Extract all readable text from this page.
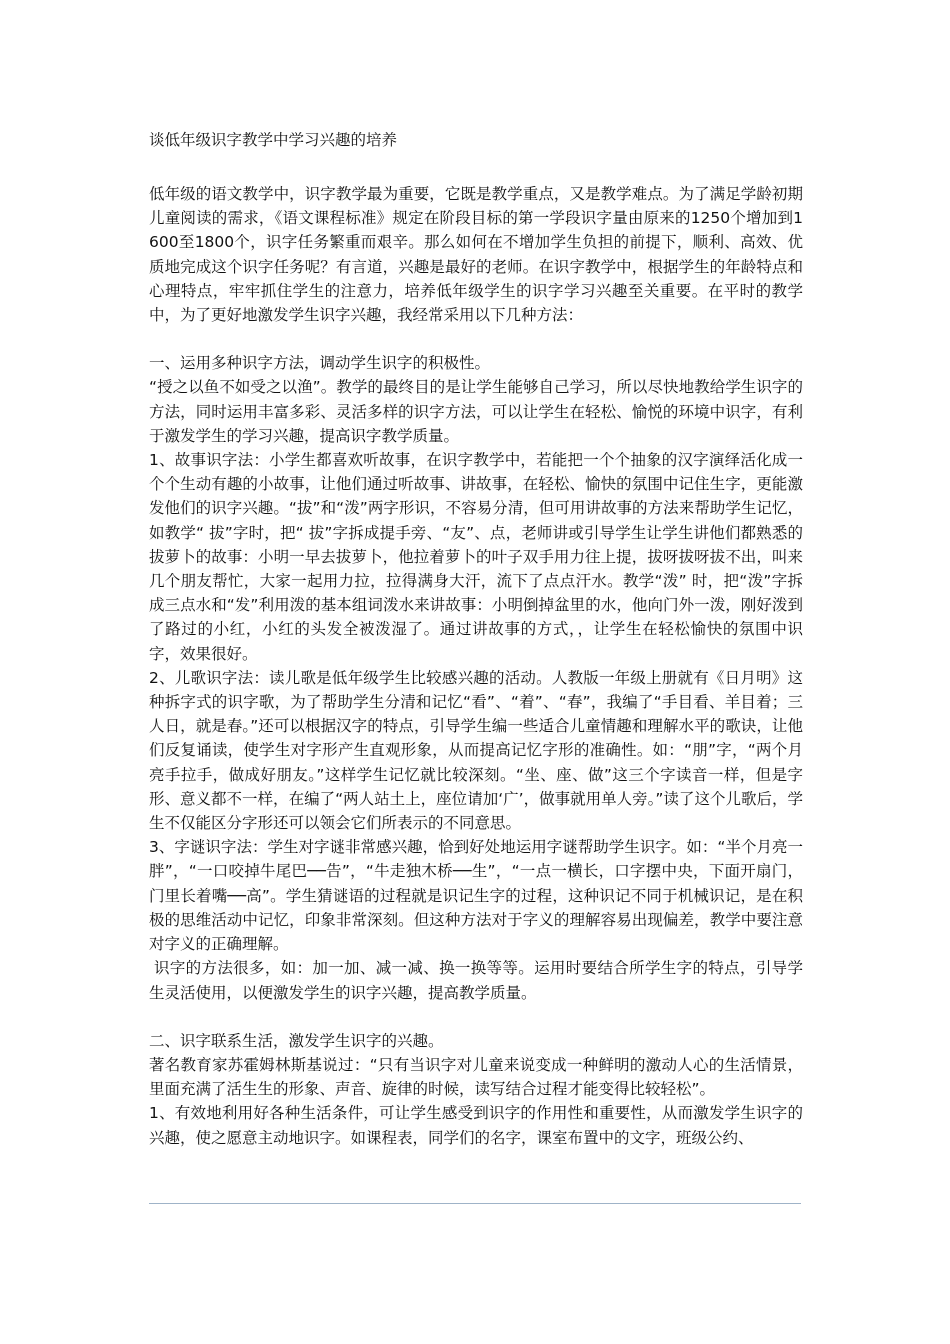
谈低年级识字教学中学习兴趣的培养

低年级的语文教学中，识字教学最为重要，它既是教学重点，又是教学难点。为了满足学龄初期儿童阅读的需求，《语文课程标准》规定在阶段目标的第一学段识字量由原来的1250个增加到1600至1800个，识字任务繁重而艰辛。那么如何在不增加学生负担的前提下，顺利、高效、优质地完成这个识字任务呢？有言道，兴趣是最好的老师。在识字教学中，根据学生的年龄特点和心理特点，牢牢抓住学生的注意力，培养低年级学生的识字学习兴趣至关重要。在平时的教学中，为了更好地激发学生识字兴趣，我经常采用以下几种方法：

一、运用多种识字方法，调动学生识字的积极性。

“授之以鱼不如受之以渔”。教学的最终目的是让学生能够自己学习，所以尽快地教给学生识字的方法，同时运用丰富多彩、灵活多样的识字方法，可以让学生在轻松、愉悦的环境中识字，有利于激发学生的学习兴趣，提高识字教学质量。

1、故事识字法：小学生都喜欢听故事，在识字教学中，若能把一个个抽象的汉字演绎活化成一个个生动有趣的小故事，让他们通过听故事、讲故事，在轻松、愉快的氛围中记住生字，更能激发他们的识字兴趣。“拔”和“泼”两字形识，不容易分清，但可用讲故事的方法来帮助学生记忆，如教学“ 拔”字时，把“ 拔”字拆成提手旁、“友”、点，老师讲或引导学生让学生讲他们都熟悉的拔萝卜的故事：小明一早去拔萝卜，他拉着萝卜的叶子双手用力往上提，拔呀拔呀拔不出，叫来几个朋友帮忙，大家一起用力拉，拉得满身大汗，流下了点点汗水。教学“泼” 时，把“泼”字拆成三点水和“发”利用泼的基本组词泼水来讲故事：小明倒掉盆里的水，他向门外一泼，刚好泼到了路过的小红，小红的头发全被泼湿了。通过讲故事的方式，，让学生在轻松愉快的氛围中识字，效果很好。

2、儿歌识字法：读儿歌是低年级学生比较感兴趣的活动。人教版一年级上册就有《日月明》这种拆字式的识字歌，为了帮助学生分清和记忆“看”、“着”、“春”，我编了“手目看、羊目着；三人日，就是春。”还可以根据汉字的特点，引导学生编一些适合儿童情趣和理解水平的歌诀，让他们反复诵读，使学生对字形产生直观形象，从而提高记忆字形的准确性。如：“朋”字，“两个月亮手拉手，做成好朋友。”这样学生记忆就比较深刻。“坐、座、做”这三个字读音一样，但是字形、意义都不一样，在编了“两人站土上，座位请加‘广’，做事就用单人旁。”读了这个儿歌后，学生不仅能区分字形还可以领会它们所表示的不同意思。

3、字谜识字法：学生对字谜非常感兴趣，恰到好处地运用字谜帮助学生识字。如：“半个月亮一胖”，“一口咬掉牛尾巴──告”，“牛走独木桥──生”，“一点一横长，口字摆中央，下面开扇门，门里长着嘴──高”。学生猜谜语的过程就是识记生字的过程，这种识记不同于机械识记，是在积极的思维活动中记忆，印象非常深刻。但这种方法对于字义的理解容易出现偏差，教学中要注意对字义的正确理解。

识字的方法很多，如：加一加、减一减、换一换等等。运用时要结合所学生字的特点，引导学生灵活使用，以便激发学生的识字兴趣，提高教学质量。

二、识字联系生活，激发学生识字的兴趣。

著名教育家苏霍姆林斯基说过：“只有当识字对儿童来说变成一种鲜明的激动人心的生活情景，里面充满了活生生的形象、声音、旋律的时候，读写结合过程才能变得比较轻松”。

1、有效地利用好各种生活条件，可让学生感受到识字的作用性和重要性，从而激发学生识字的兴趣，使之愿意主动地识字。如课程表，同学们的名字，课室布置中的文字，班级公约、
